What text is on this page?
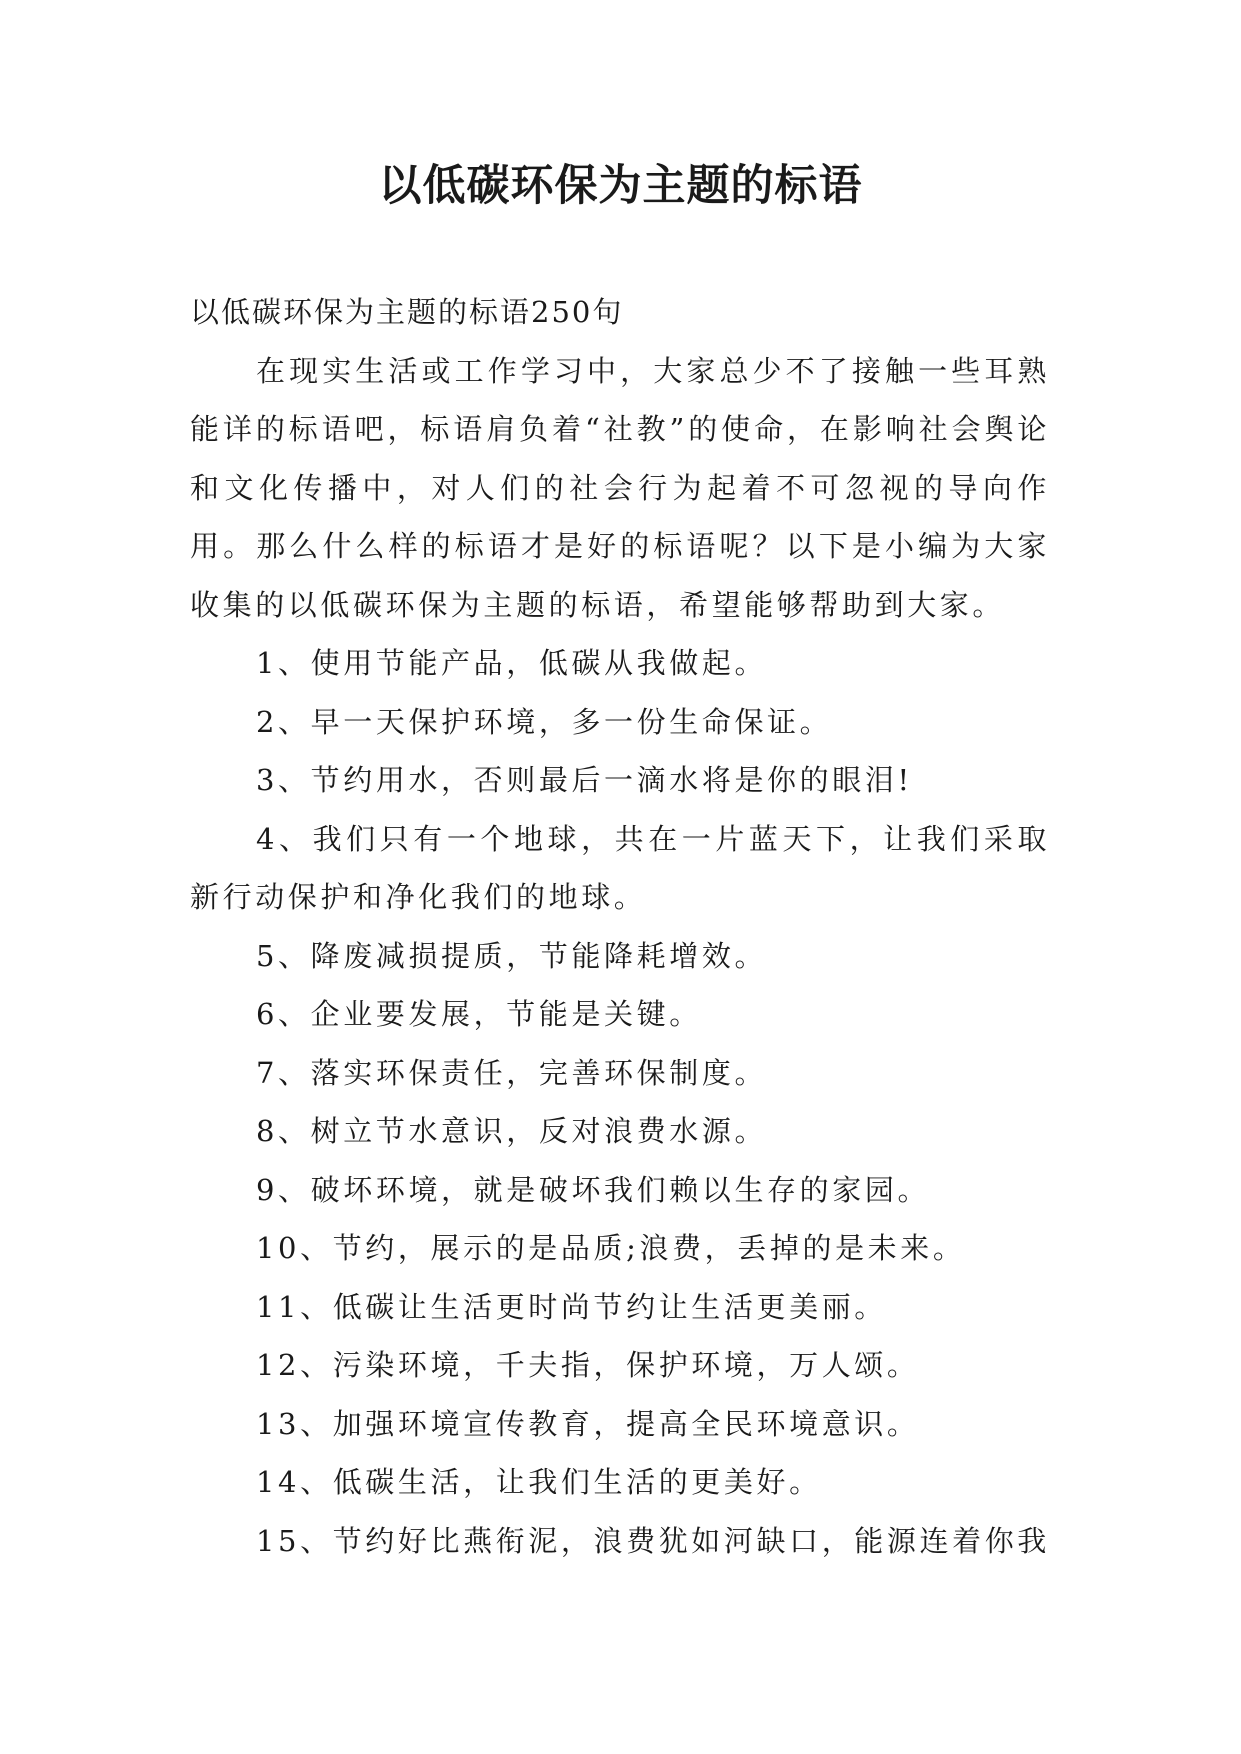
以低碳环保为主题的标语

以低碳环保为主题的标语250句

在现实生活或工作学习中，大家总少不了接触一些耳熟能详的标语吧，标语肩负着“社教”的使命，在影响社会舆论和文化传播中，对人们的社会行为起着不可忽视的导向作用。那么什么样的标语才是好的标语呢？以下是小编为大家收集的以低碳环保为主题的标语，希望能够帮助到大家。

1、使用节能产品，低碳从我做起。

2、早一天保护环境，多一份生命保证。

3、节约用水，否则最后一滴水将是你的眼泪!

4、我们只有一个地球，共在一片蓝天下，让我们采取新行动保护和净化我们的地球。

5、降废减损提质，节能降耗增效。

6、企业要发展，节能是关键。

7、落实环保责任，完善环保制度。

8、树立节水意识，反对浪费水源。

9、破坏环境，就是破坏我们赖以生存的家园。

10、节约，展示的是品质;浪费，丢掉的是未来。

11、低碳让生活更时尚节约让生活更美丽。

12、污染环境，千夫指，保护环境，万人颂。

13、加强环境宣传教育，提高全民环境意识。

14、低碳生活，让我们生活的更美好。

15、节约好比燕衔泥，浪费犹如河缺口，能源连着你我
